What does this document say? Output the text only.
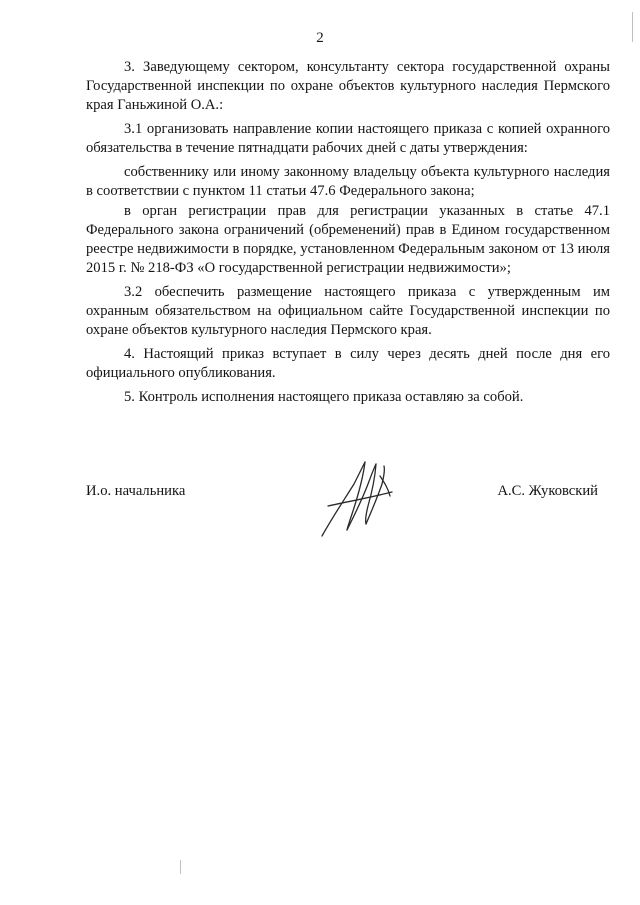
2

3. Заведующему сектором, консультанту сектора государственной охраны Государственной инспекции по охране объектов культурного наследия Пермского края Ганьжиной О.А.:

3.1 организовать направление копии настоящего приказа с копией охранного обязательства в течение пятнадцати рабочих дней с даты утверждения:

собственнику или иному законному владельцу объекта культурного наследия в соответствии с пунктом 11 статьи 47.6 Федерального закона;

в орган регистрации прав для регистрации указанных в статье 47.1 Федерального закона ограничений (обременений) прав в Едином государственном реестре недвижимости в порядке, установленном Федеральным законом от 13 июля 2015 г. № 218-ФЗ «О государственной регистрации недвижимости»;

3.2 обеспечить размещение настоящего приказа с утвержденным им охранным обязательством на официальном сайте Государственной инспекции по охране объектов культурного наследия Пермского края.

4. Настоящий приказ вступает в силу через десять дней после дня его официального опубликования.

5. Контроль исполнения настоящего приказа оставляю за собой.

И.о. начальника	А.С. Жуковский
